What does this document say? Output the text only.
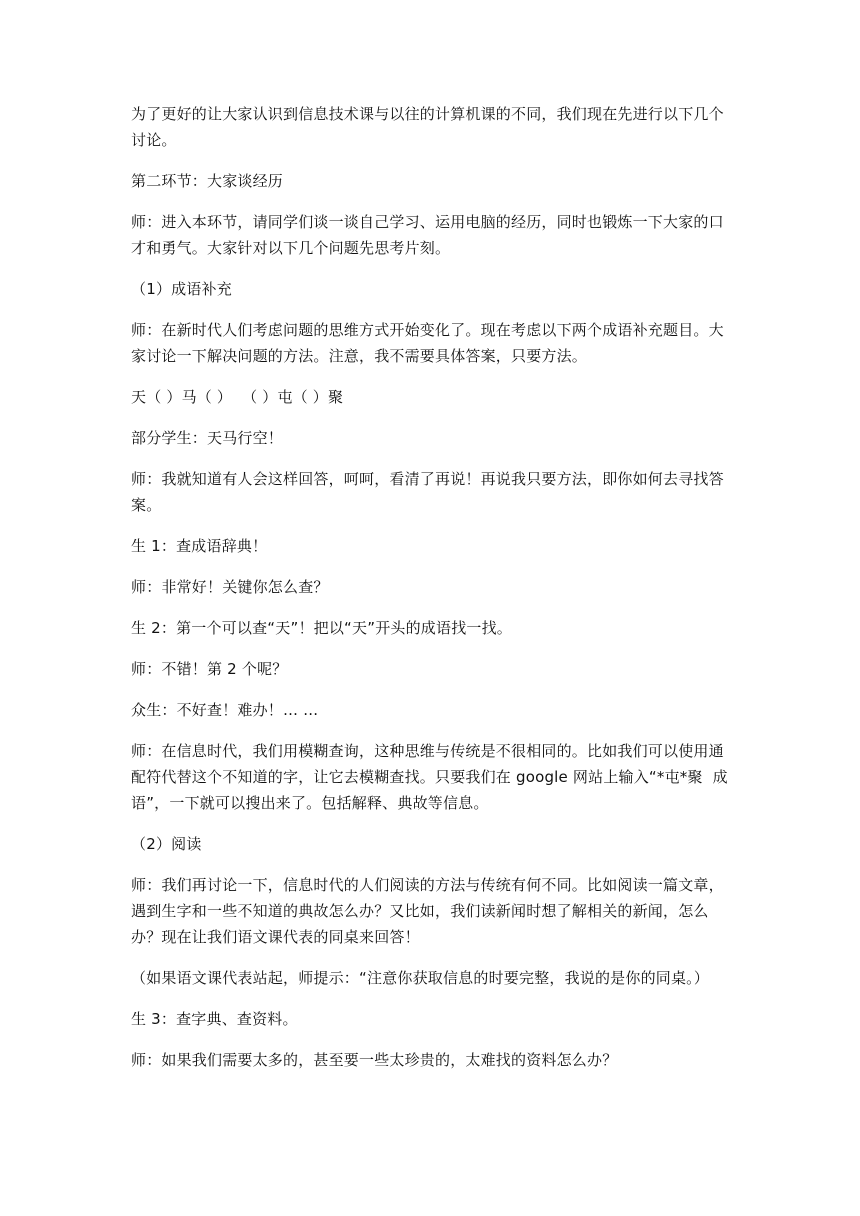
为了更好的让大家认识到信息技术课与以往的计算机课的不同，我们现在先进行以下几个讨论。

第二环节：大家谈经历

师：进入本环节，请同学们谈一谈自己学习、运用电脑的经历，同时也锻炼一下大家的口才和勇气。大家针对以下几个问题先思考片刻。

（1）成语补充

师：在新时代人们考虑问题的思维方式开始变化了。现在考虑以下两个成语补充题目。大家讨论一下解决问题的方法。注意，我不需要具体答案，只要方法。

天（ ）马（ ）  （ ）屯（ ）聚

部分学生：天马行空！

师：我就知道有人会这样回答，呵呵，看清了再说！再说我只要方法，即你如何去寻找答案。

生 1：查成语辞典！

师：非常好！关键你怎么查？

生 2：第一个可以查“天”！把以“天”开头的成语找一找。

师：不错！第 2 个呢？

众生：不好查！难办！… …

师：在信息时代，我们用模糊查询，这种思维与传统是不很相同的。比如我们可以使用通配符代替这个不知道的字，让它去模糊查找。只要我们在 google 网站上输入“*屯*聚  成语”，一下就可以搜出来了。包括解释、典故等信息。

（2）阅读

师：我们再讨论一下，信息时代的人们阅读的方法与传统有何不同。比如阅读一篇文章，遇到生字和一些不知道的典故怎么办？又比如，我们读新闻时想了解相关的新闻，怎么办？现在让我们语文课代表的同桌来回答！

（如果语文课代表站起，师提示：“注意你获取信息的时要完整，我说的是你的同桌。）

生 3：查字典、查资料。

师：如果我们需要太多的，甚至要一些太珍贵的，太难找的资料怎么办？
